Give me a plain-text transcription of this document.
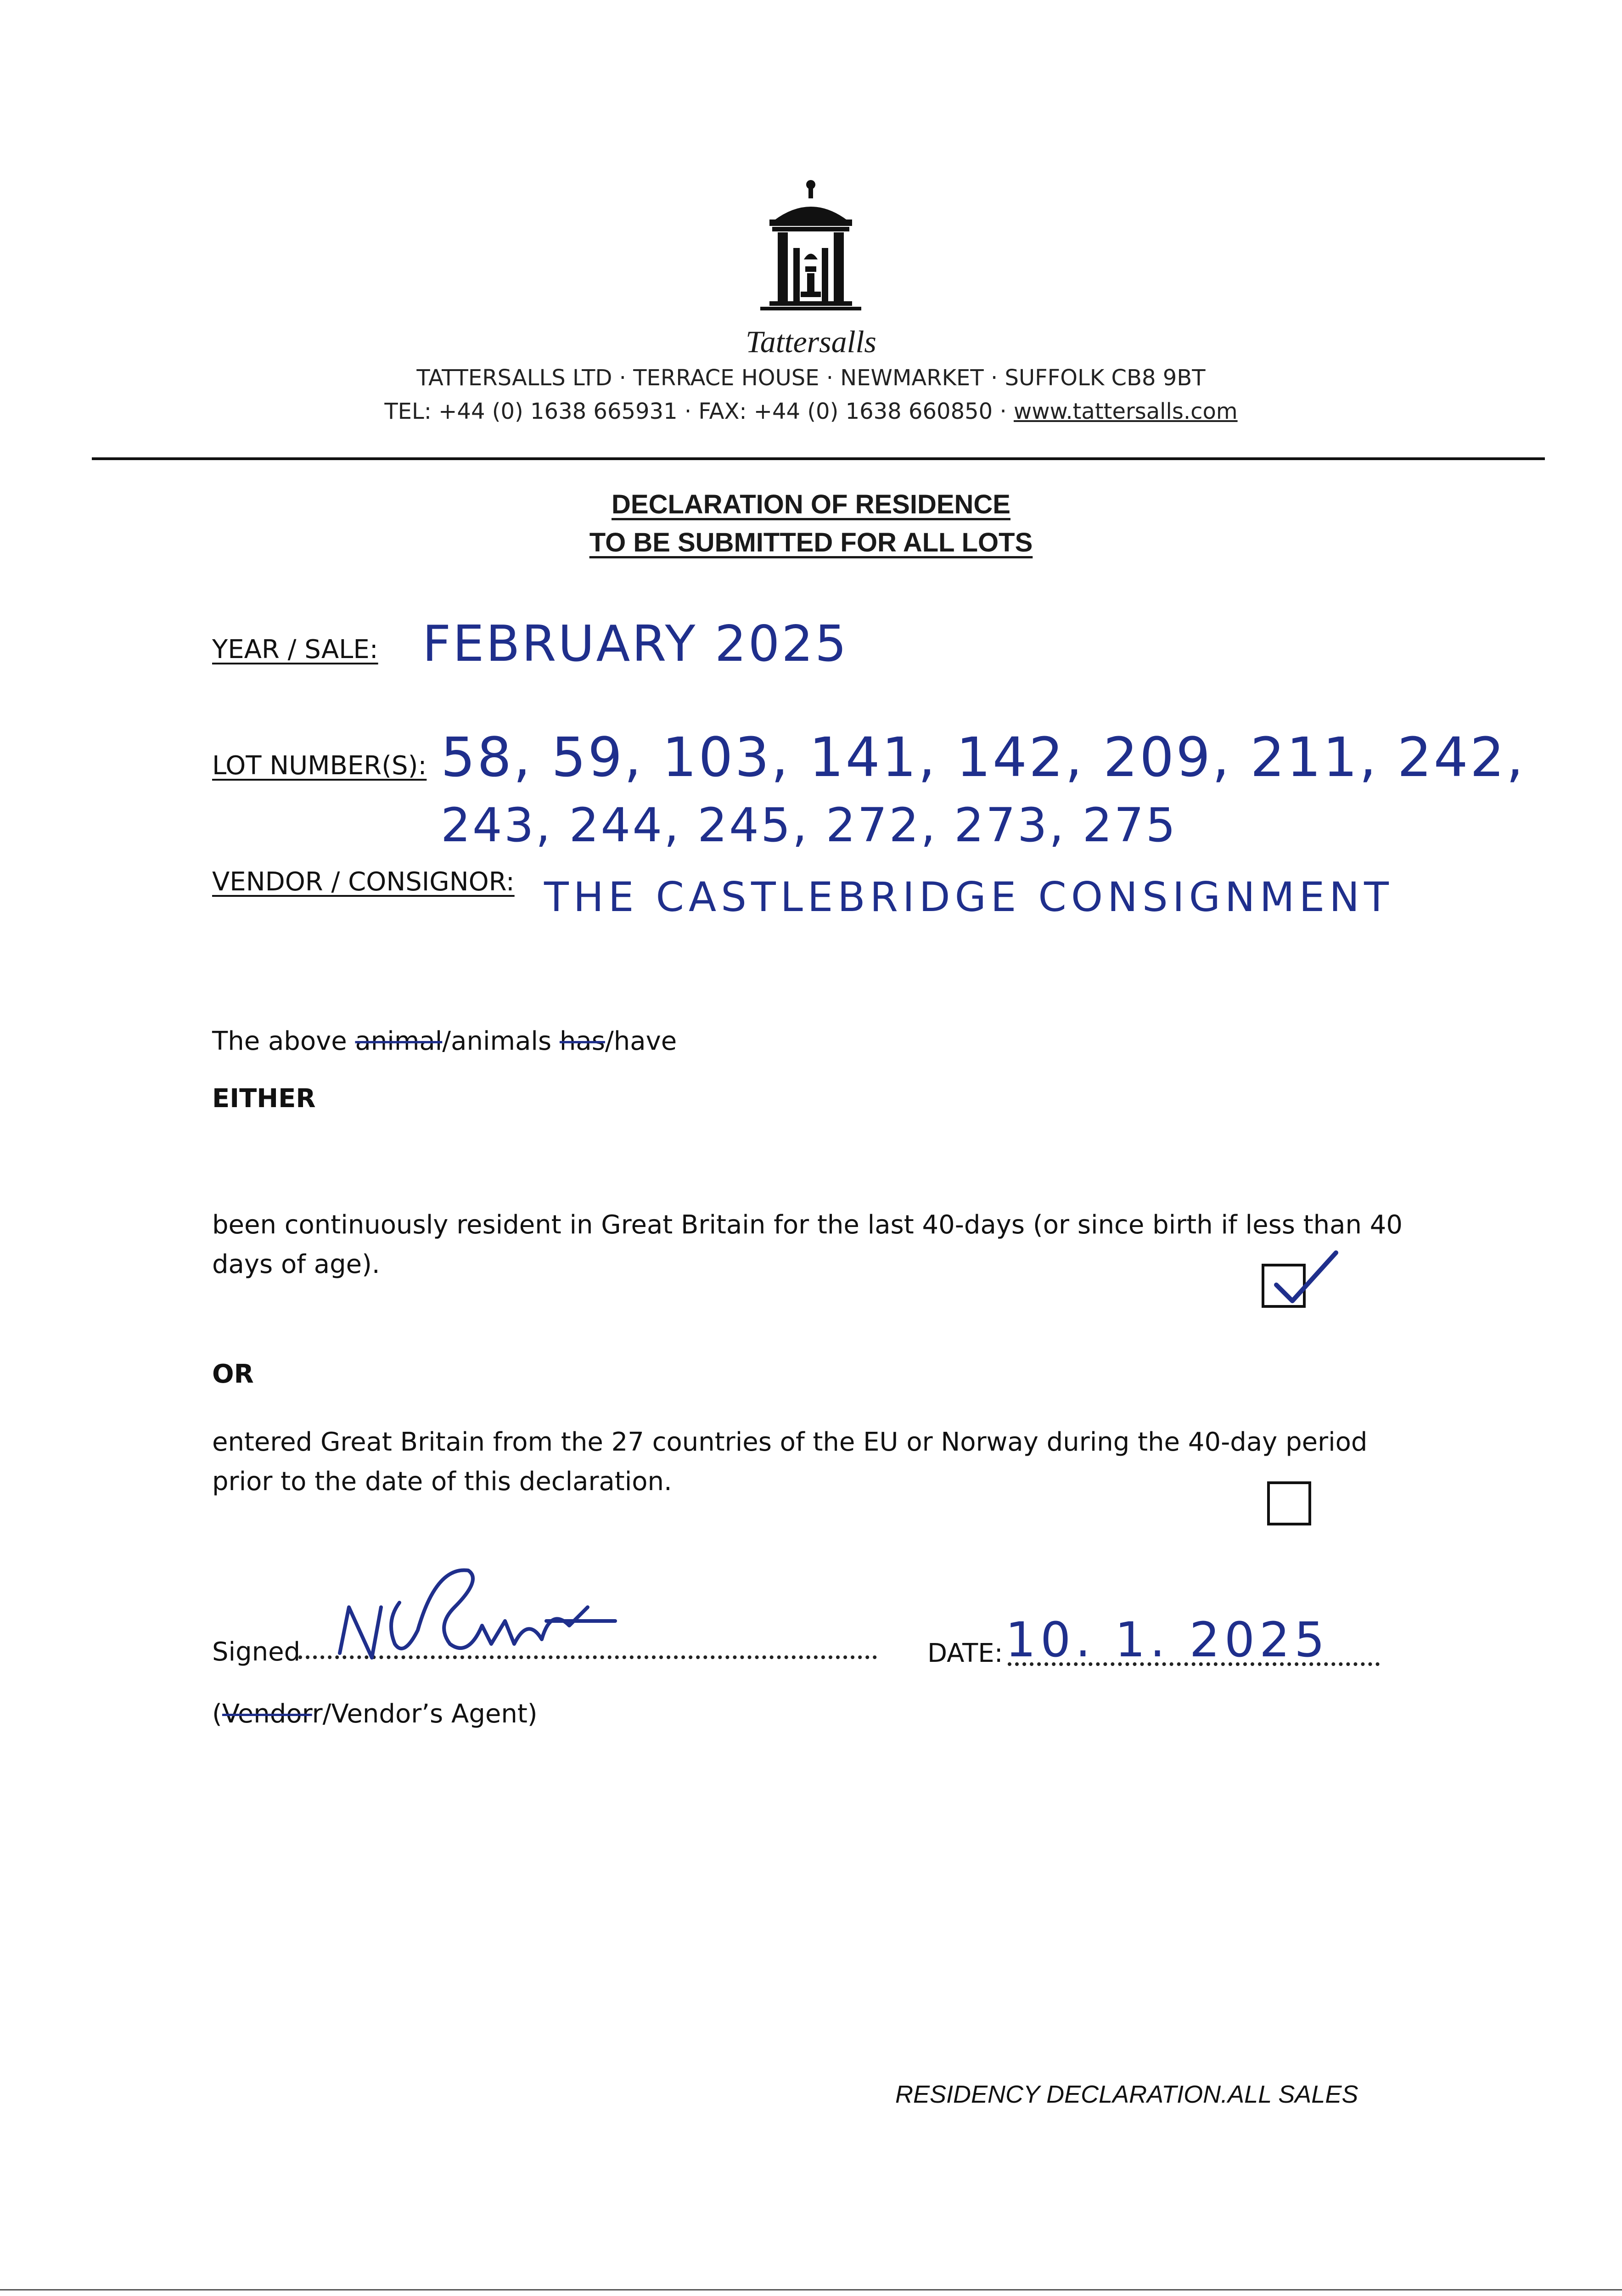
Tattersalls
TATTERSALLS LTD · TERRACE HOUSE · NEWMARKET · SUFFOLK CB8 9BT
TEL: +44 (0) 1638 665931 · FAX: +44 (0) 1638 660850 · www.tattersalls.com
DECLARATION OF RESIDENCE
TO BE SUBMITTED FOR ALL LOTS
YEAR / SALE: FEBRUARY 2025
LOT NUMBER(S): 58, 59, 103, 141, 142, 209, 211, 242,
243, 244, 245, 272, 273, 275
VENDOR / CONSIGNOR: THE CASTLEBRIDGE CONSIGNMENT
The above animal/animals has/have
EITHER
been continuously resident in Great Britain for the last 40-days (or since birth if less than 40 days of age).
OR
entered Great Britain from the 27 countries of the EU or Norway during the 40-day period prior to the date of this declaration.
Signed	DATE: 10. 1. 2025
(Vendorr/Vendor’s Agent)
RESIDENCY DECLARATION.ALL SALES
